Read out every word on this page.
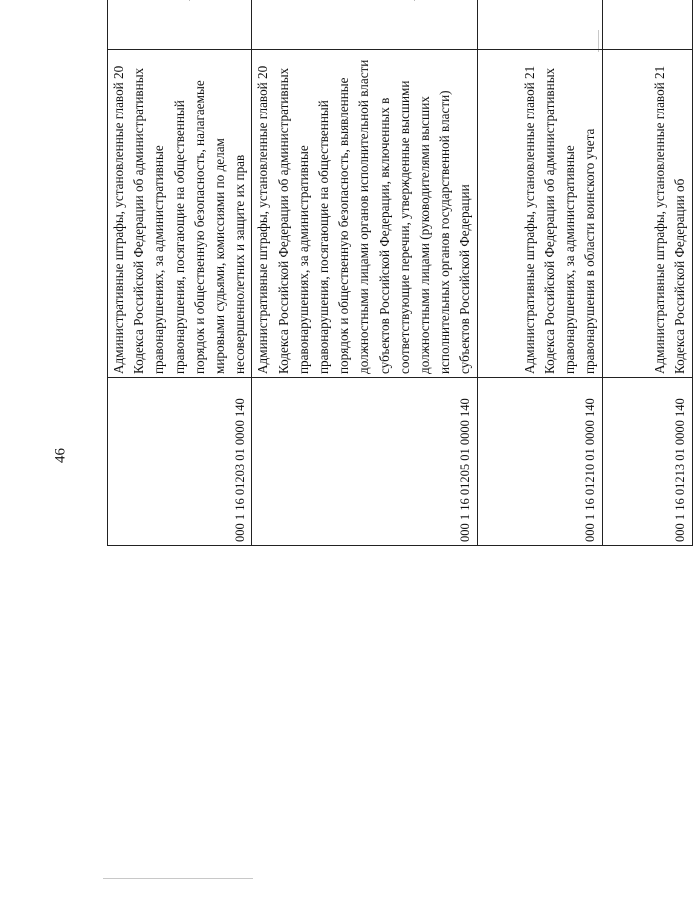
46	000 1 16 01203 01 0000 140	Административные штрафы, установленные главой 20 Кодекса Российской Федерации об административных правонарушениях, за административные правонарушения, посягающие на общественный порядок и общественную безопасность, налагаемые мировыми судьями, комиссиями по делам несовершеннолетних и защите их прав	

000 1 16 01205 01 0000 140	Административные штрафы, установленные главой 20 Кодекса Российской Федерации об административных правонарушениях, за административные правонарушения, посягающие на общественный порядок и общественную безопасность, выявленные должностными лицами органов исполнительной власти субъектов Российской Федерации, включенных в соответствующие перечни, утвержденные высшими должностными лицами (руководителями высших исполнительных органов государственной власти) субъектов Российской Федерации	

000 1 16 01210 01 0000 140	Административные штрафы, установленные главой 21 Кодекса Российской Федерации об административных правонарушениях, за административные правонарушения в области воинского учета			
000 1 16 01213 01 0000 140	Административные штрафы, установленные главой 21 Кодекса Российской Федерации об			
